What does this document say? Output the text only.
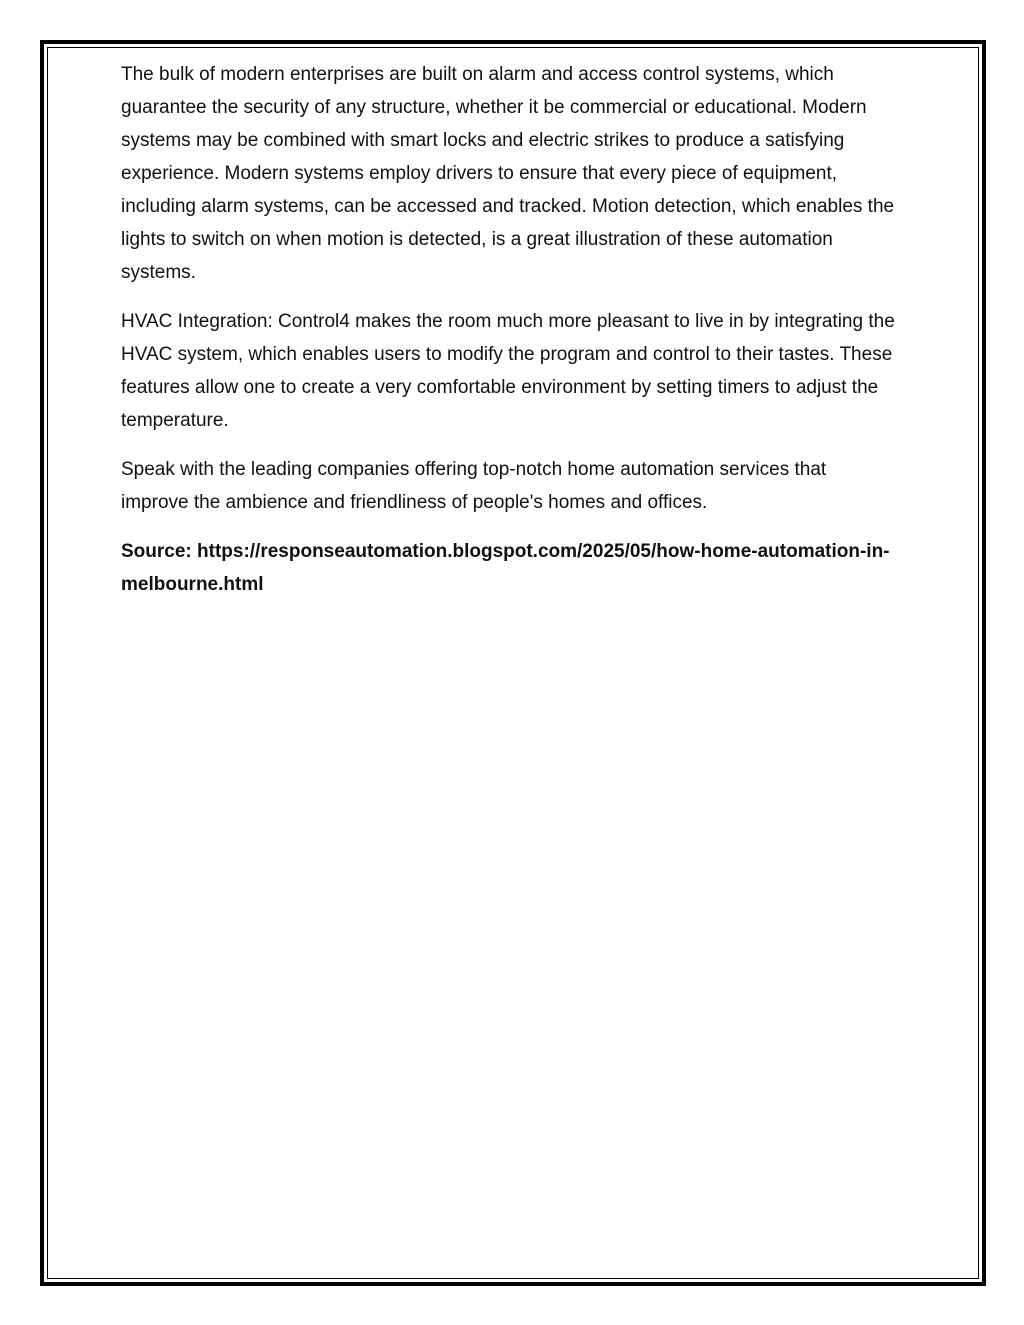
The bulk of modern enterprises are built on alarm and access control systems, which guarantee the security of any structure, whether it be commercial or educational. Modern systems may be combined with smart locks and electric strikes to produce a satisfying experience. Modern systems employ drivers to ensure that every piece of equipment, including alarm systems, can be accessed and tracked. Motion detection, which enables the lights to switch on when motion is detected, is a great illustration of these automation systems.

HVAC Integration: Control4 makes the room much more pleasant to live in by integrating the HVAC system, which enables users to modify the program and control to their tastes. These features allow one to create a very comfortable environment by setting timers to adjust the temperature.

Speak with the leading companies offering top-notch home automation services that improve the ambience and friendliness of people's homes and offices.

Source: https://responseautomation.blogspot.com/2025/05/how-home-automation-in-melbourne.html
